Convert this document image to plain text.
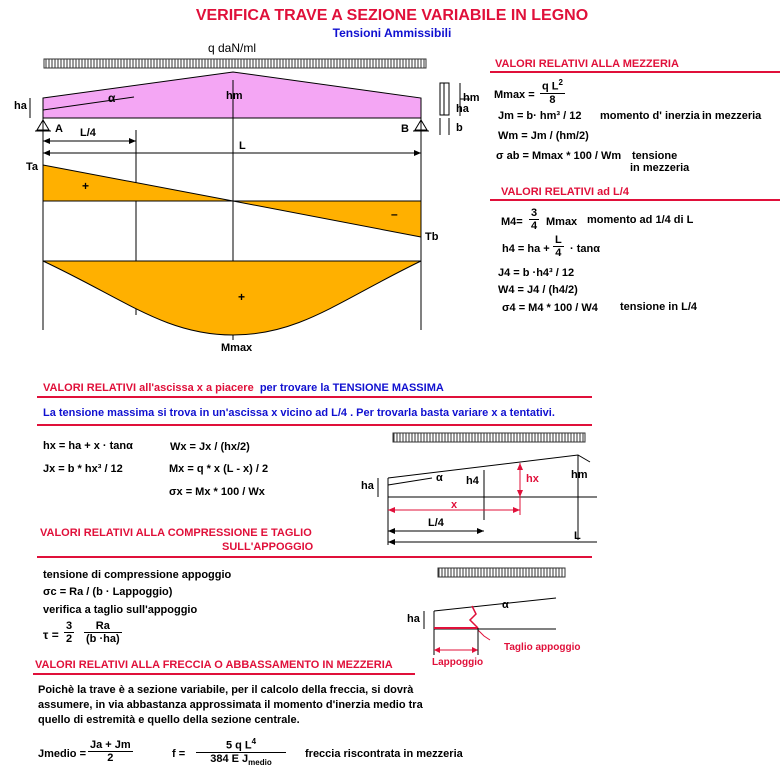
VERIFICA TRAVE A SEZIONE VARIABILE IN LEGNO
Tensioni Ammissibili
q daN/ml
α	hm
ha
A	B
L/4
L
Ta
Tb
+
–
+
Mmax
hm
ha
b
VALORI RELATIVI ALLA MEZZERIA
$Mmax = \frac{q L^2}{8}$
Jm = b· hm³ / 12 momento d' inerzia in mezzeria
Wm = Jm / (hm/2)
σ ab = Mmax * 100 / Wm tensione
in mezzeria
VALORI RELATIVI ad L/4
$M4= \frac{3}{4}$ Mmax momento ad 1/4 di L
h4 = ha + $\frac{L}{4} \cdot \tan\alpha$
J4 = b ·h4³ / 12
W4 = J4 / (h4/2)
σ4 = M4 * 100 / W4 tensione in L/4
VALORI RELATIVI all'ascissa x a piacere per trovare la TENSIONE MASSIMA
La tensione massima si trova in un'ascissa x vicino ad L/4 . Per trovarla basta variare x a tentativi.
hx = ha + x · tanα	Wx = Jx / (hx/2)
Jx = b * hx³ / 12	Mx = q * x (L - x) / 2
σx = Mx * 100 / Wx
α
ha	h4	hx	hm
x
L/4
L
VALORI RELATIVI ALLA COMPRESSIONE E TAGLIO
SULL'APPOGGIO
tensione di compressione appoggio
σc = Ra / (b · Lappoggio)
verifica a taglio sull'appoggio
$\tau = \frac{3}{2} \frac{Ra}{(b \cdot ha)}$
ha
α
Taglio appoggio
Lappoggio
VALORI RELATIVI ALLA FRECCIA O ABBASSAMENTO IN MEZZERIA
Poichè la trave è a sezione variabile, per il calcolo della freccia, si dovrà
assumere, in via abbastanza approssimata il momento d'inerzia medio tra
quello di estremità e quello della sezione centrale.
Jmedio = $\frac{Ja + Jm}{2}$	f =
5 q $L^4$
384 E $J_{medio}$
freccia riscontrata in mezzeria
